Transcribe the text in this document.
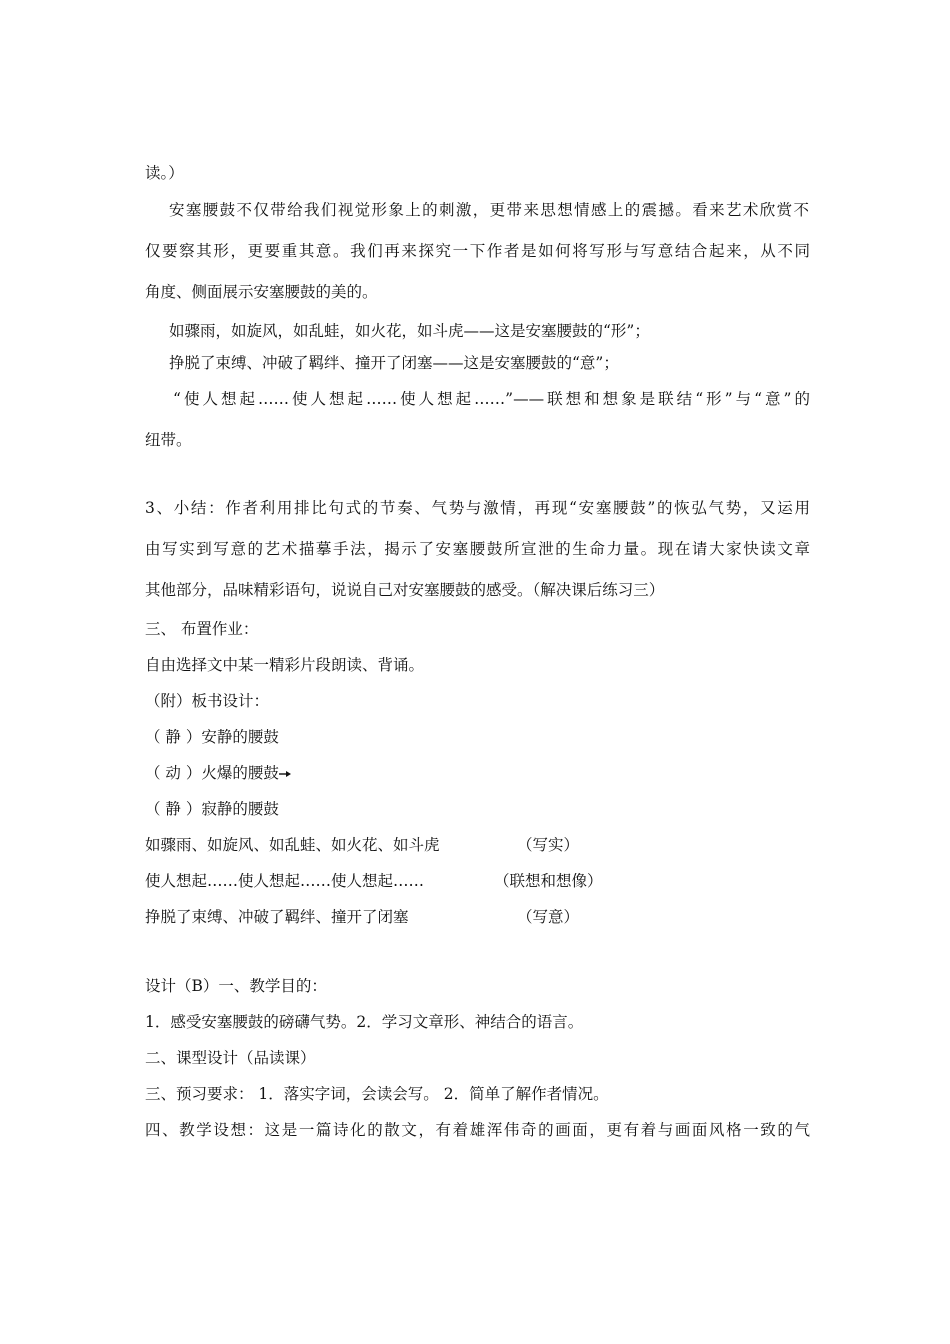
读。）
安塞腰鼓不仅带给我们视觉形象上的刺激，更带来思想情感上的震撼。看来艺术欣赏不
仅要察其形，更要重其意。我们再来探究一下作者是如何将写形与写意结合起来，从不同
角度、侧面展示安塞腰鼓的美的。
如骤雨，如旋风，如乱蛙，如火花，如斗虎——这是安塞腰鼓的“形”；
挣脱了束缚、冲破了羁绊、撞开了闭塞——这是安塞腰鼓的“意”；
“使人想起……使人想起……使人想起……”——联想和想象是联结“形”与“意”的
纽带。
3、小结：作者利用排比句式的节奏、气势与激情，再现“安塞腰鼓”的恢弘气势，又运用
由写实到写意的艺术描摹手法，揭示了安塞腰鼓所宣泄的生命力量。现在请大家快读文章
其他部分，品味精彩语句，说说自己对安塞腰鼓的感受。（解决课后练习三）
三、 布置作业：
自由选择文中某一精彩片段朗读、背诵。
（附）板书设计：
（ 静 ）安静的腰鼓
（ 动 ）火爆的腰鼓
（ 静 ）寂静的腰鼓
如骤雨、如旋风、如乱蛙、如火花、如斗虎	（写实）
使人想起……使人想起……使人想起……	（联想和想像）
挣脱了束缚、冲破了羁绊、撞开了闭塞	（写意）
设计（B）一、教学目的：
1．感受安塞腰鼓的磅礴气势。2．学习文章形、神结合的语言。
二、课型设计（品读课）
三、预习要求： 1．落实字词，会读会写。 2．简单了解作者情况。
四、教学设想：这是一篇诗化的散文，有着雄浑伟奇的画面，更有着与画面风格一致的气
